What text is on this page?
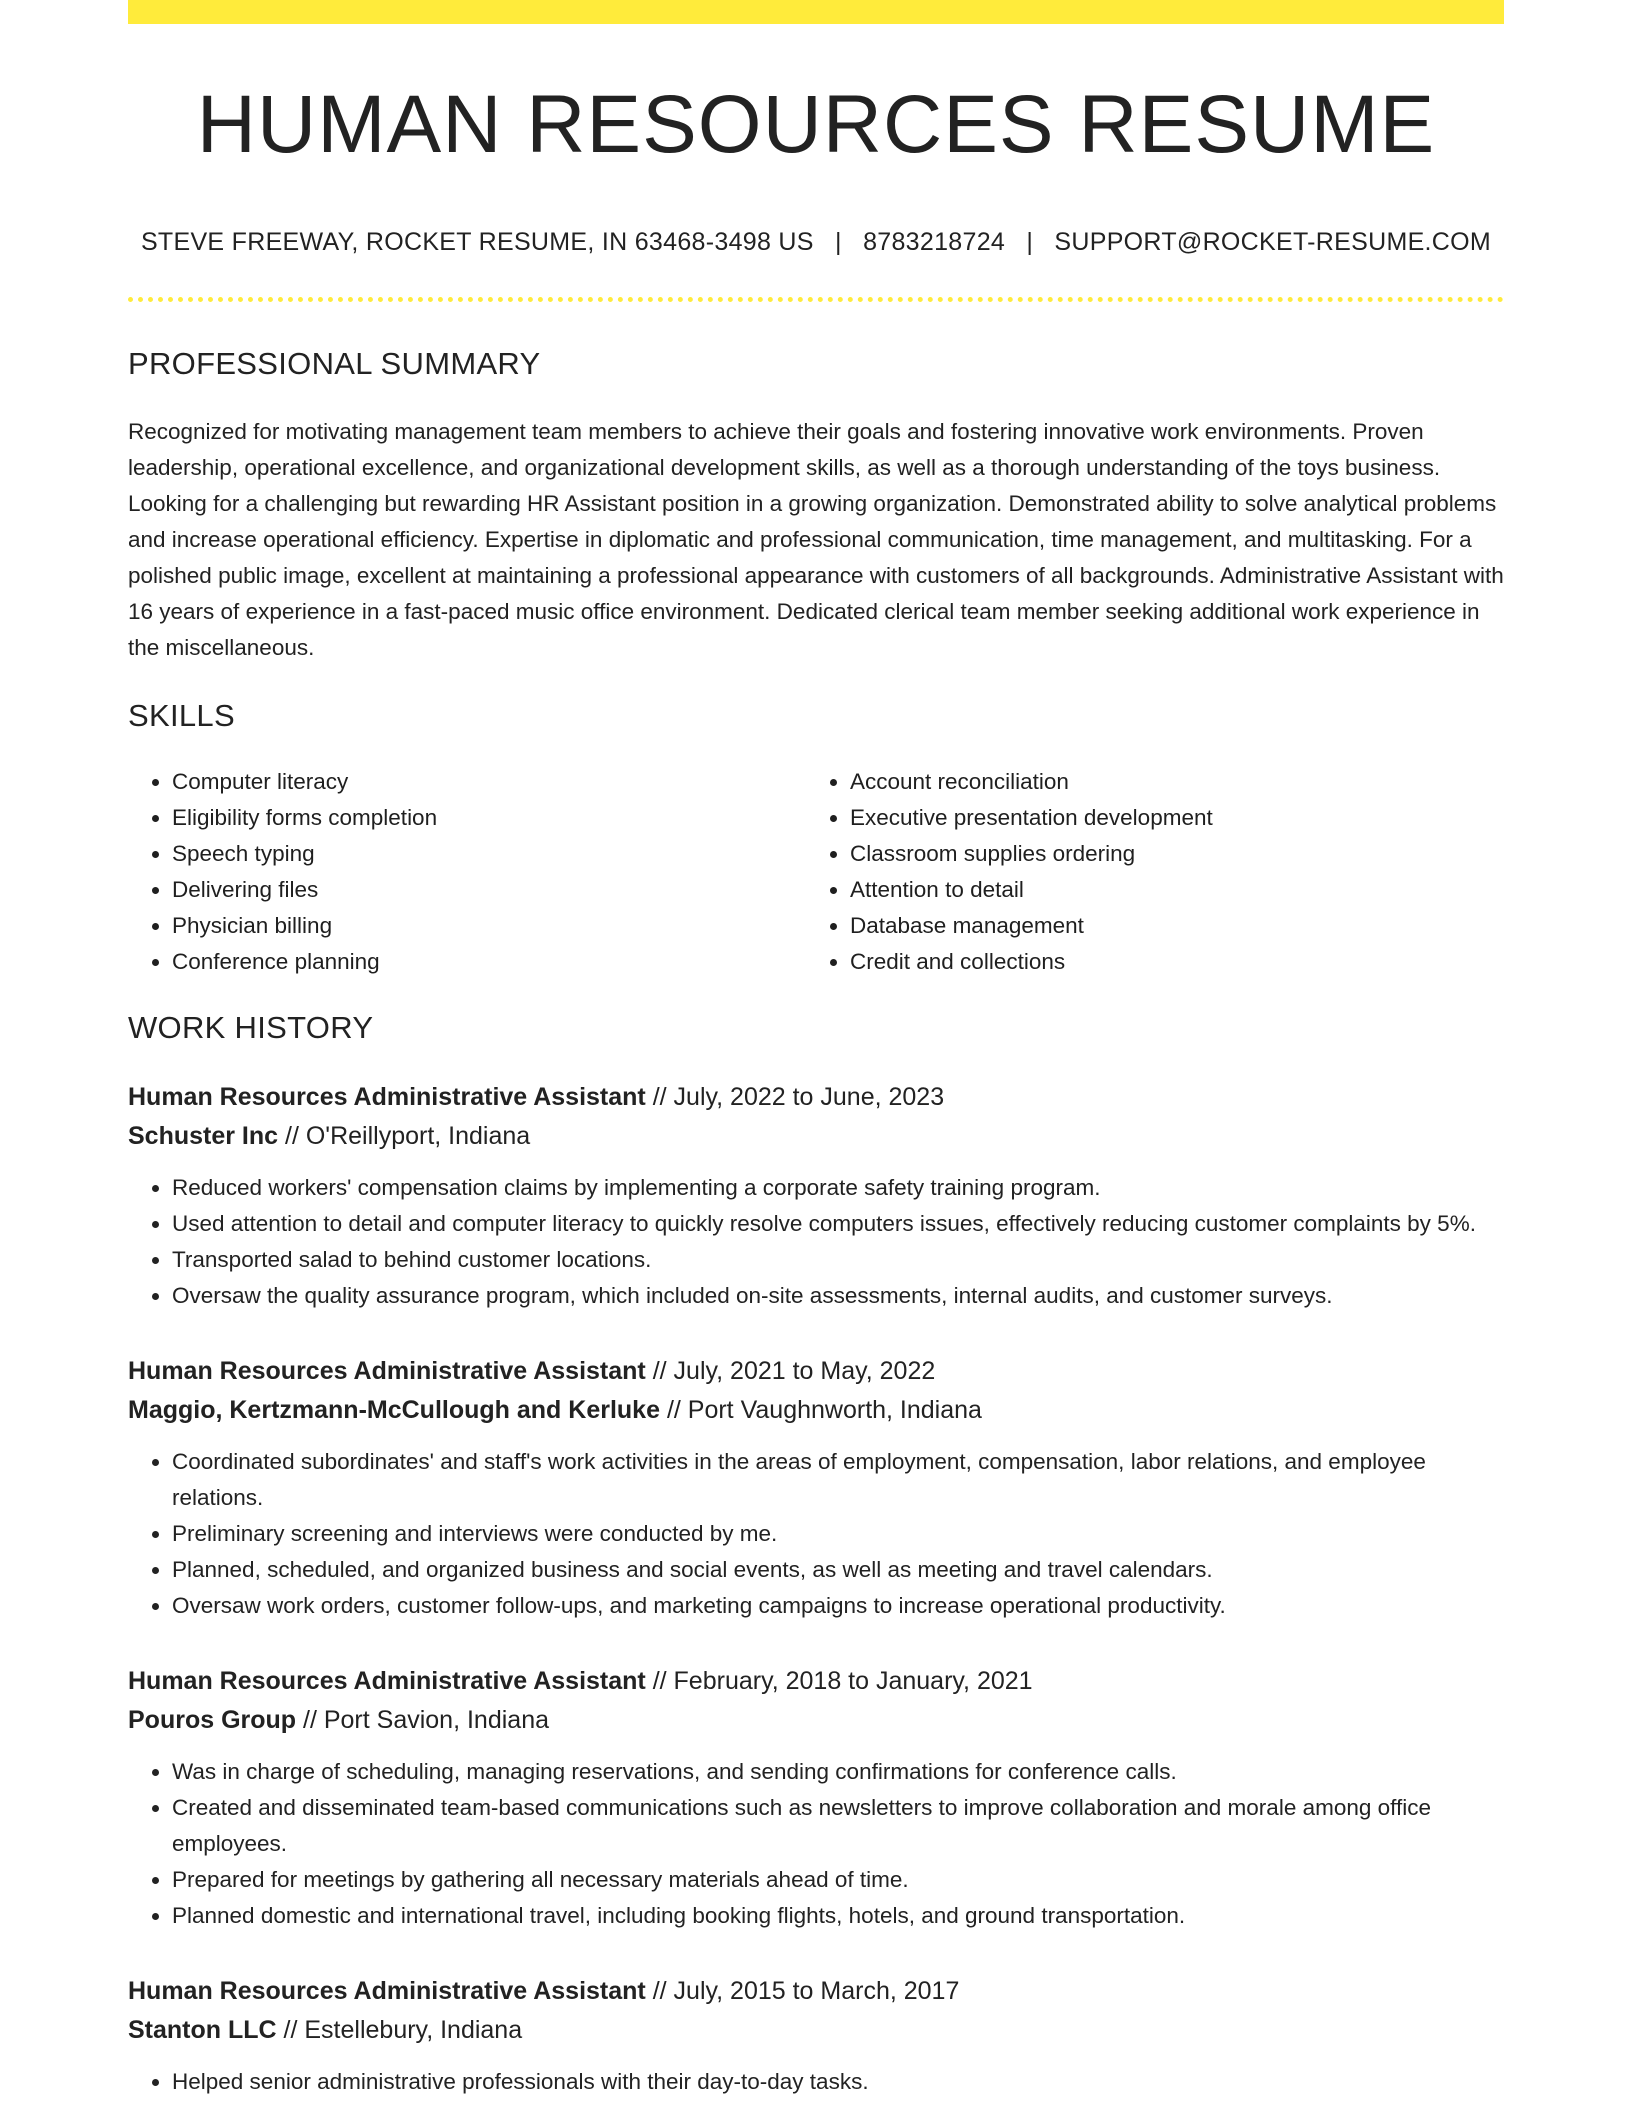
HUMAN RESOURCES RESUME
STEVE FREEWAY, ROCKET RESUME, IN 63468-3498 US | 8783218724 | SUPPORT@ROCKET-RESUME.COM
PROFESSIONAL SUMMARY

Recognized for motivating management team members to achieve their goals and fostering innovative work environments. Proven leadership, operational excellence, and organizational development skills, as well as a thorough understanding of the toys business. Looking for a challenging but rewarding HR Assistant position in a growing organization. Demonstrated ability to solve analytical problems and increase operational efficiency. Expertise in diplomatic and professional communication, time management, and multitasking. For a polished public image, excellent at maintaining a professional appearance with customers of all backgrounds. Administrative Assistant with 16 years of experience in a fast-paced music office environment. Dedicated clerical team member seeking additional work experience in the miscellaneous.

SKILLS
• Computer literacy
• Eligibility forms completion
• Speech typing
• Delivering files
• Physician billing
• Conference planning
• Account reconciliation
• Executive presentation development
• Classroom supplies ordering
• Attention to detail
• Database management
• Credit and collections
WORK HISTORY
Human Resources Administrative Assistant // July, 2022 to June, 2023
Schuster Inc // O'Reillyport, Indiana
• Reduced workers' compensation claims by implementing a corporate safety training program.
• Used attention to detail and computer literacy to quickly resolve computers issues, effectively reducing customer complaints by 5%.
• Transported salad to behind customer locations.
• Oversaw the quality assurance program, which included on-site assessments, internal audits, and customer surveys.
Human Resources Administrative Assistant // July, 2021 to May, 2022
Maggio, Kertzmann-McCullough and Kerluke // Port Vaughnworth, Indiana
• Coordinated subordinates' and staff's work activities in the areas of employment, compensation, labor relations, and employee relations.
• Preliminary screening and interviews were conducted by me.
• Planned, scheduled, and organized business and social events, as well as meeting and travel calendars.
• Oversaw work orders, customer follow-ups, and marketing campaigns to increase operational productivity.
Human Resources Administrative Assistant // February, 2018 to January, 2021
Pouros Group // Port Savion, Indiana
• Was in charge of scheduling, managing reservations, and sending confirmations for conference calls.
• Created and disseminated team-based communications such as newsletters to improve collaboration and morale among office employees.
• Prepared for meetings by gathering all necessary materials ahead of time.
• Planned domestic and international travel, including booking flights, hotels, and ground transportation.
Human Resources Administrative Assistant // July, 2015 to March, 2017
Stanton LLC // Estellebury, Indiana
• Helped senior administrative professionals with their day-to-day tasks.
